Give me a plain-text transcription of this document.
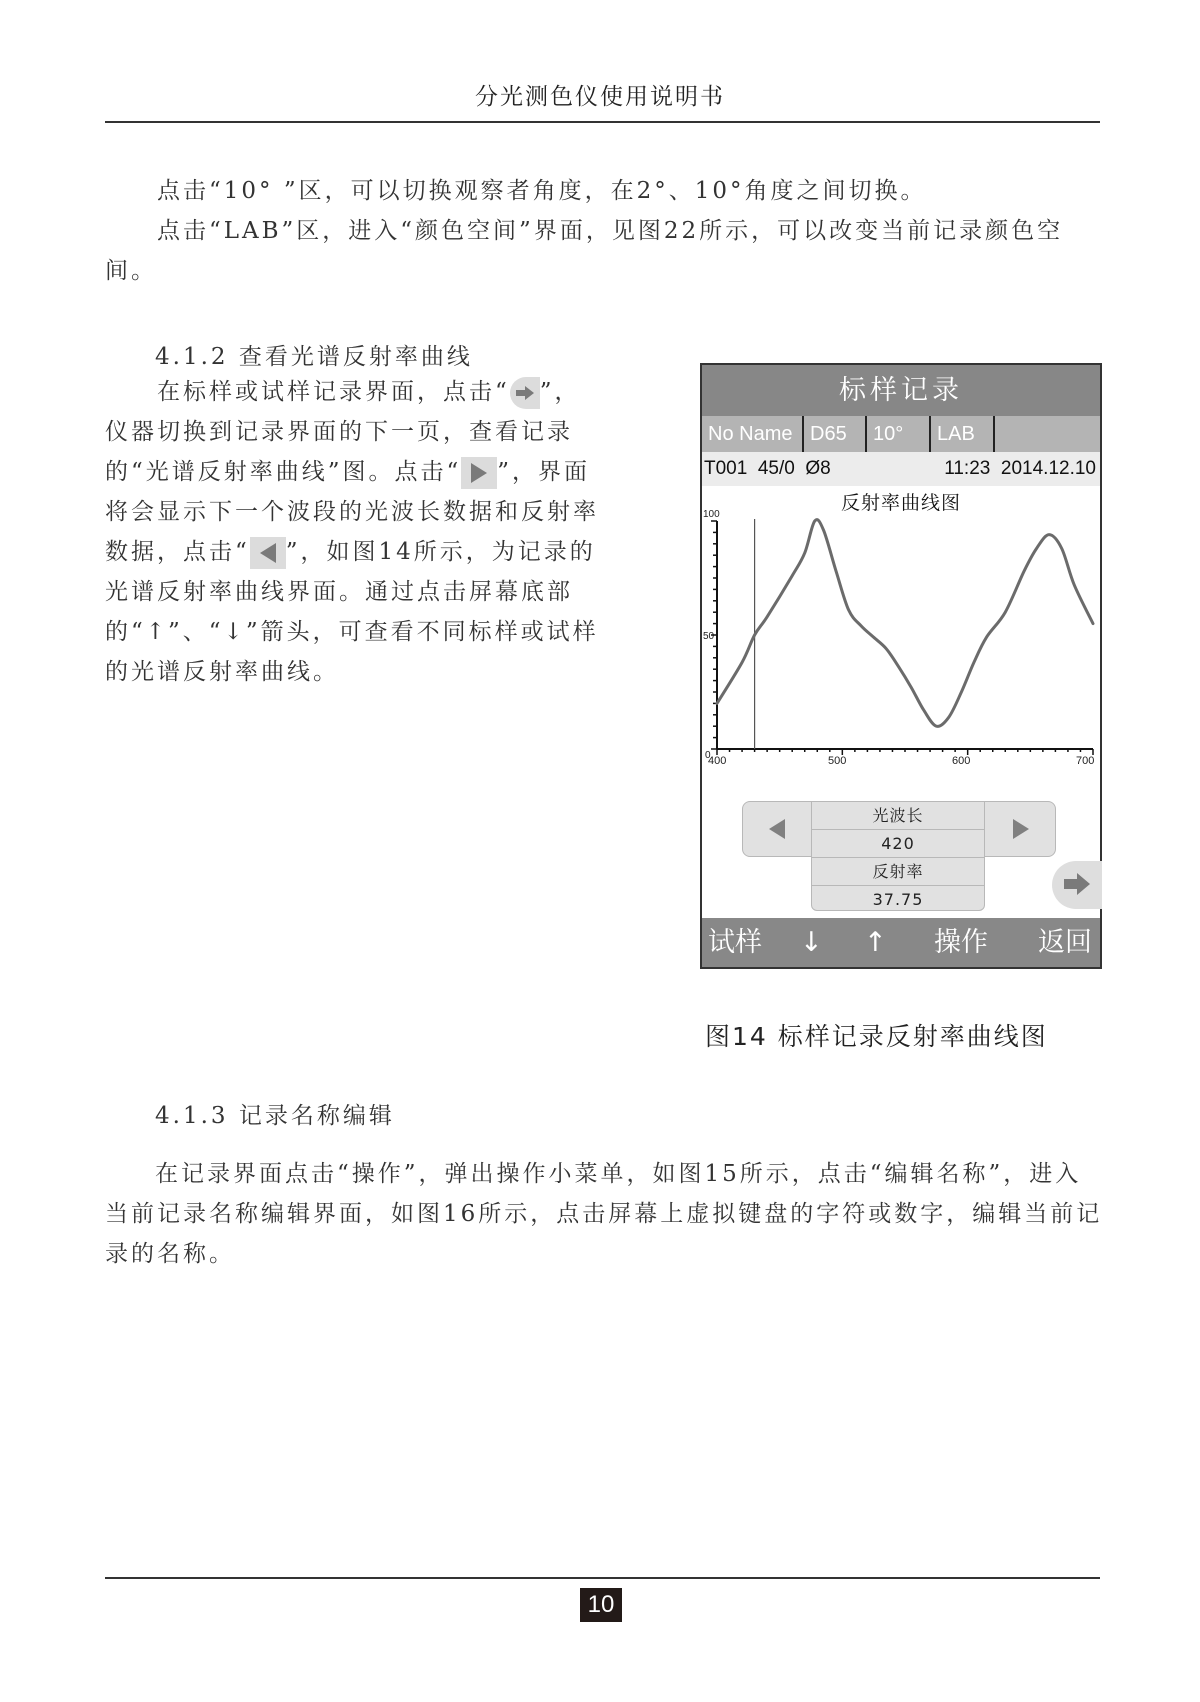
分光测色仪使用说明书

　　点击“10° ”区，可以切换观察者角度，在2°、10°角度之间切换。

　　点击“LAB”区，进入“颜色空间”界面，见图22所示，可以改变当前记录颜色空间。

4.1.2 查看光谱反射率曲线
　　在标样或试样记录界面，点击“ ”，仪器切换到记录界面的下一页，查看记录的“光谱反射率曲线”图。点击“ ”，界面将会显示下一个波段的光波长数据和反射率数据，点击“ ”，如图14所示，为记录的光谱反射率曲线界面。通过点击屏幕底部的“↑”、“↓”箭头，可查看不同标样或试样的光谱反射率曲线。
标样记录
No Name D65	10°	LAB
T001  45/0  Ø8	11:23  2014.12.10
反射率曲线图
100
50
0
400	500	600	700
光波长
420
反射率
37.75
试样 ↓ ↑ 操作 返回
图14 标样记录反射率曲线图
4.1.3 记录名称编辑

在记录界面点击“操作”，弹出操作小菜单，如图15所示，点击“编辑名称”，进入当前记录名称编辑界面，如图16所示，点击屏幕上虚拟键盘的字符或数字，编辑当前记录的名称。

10
